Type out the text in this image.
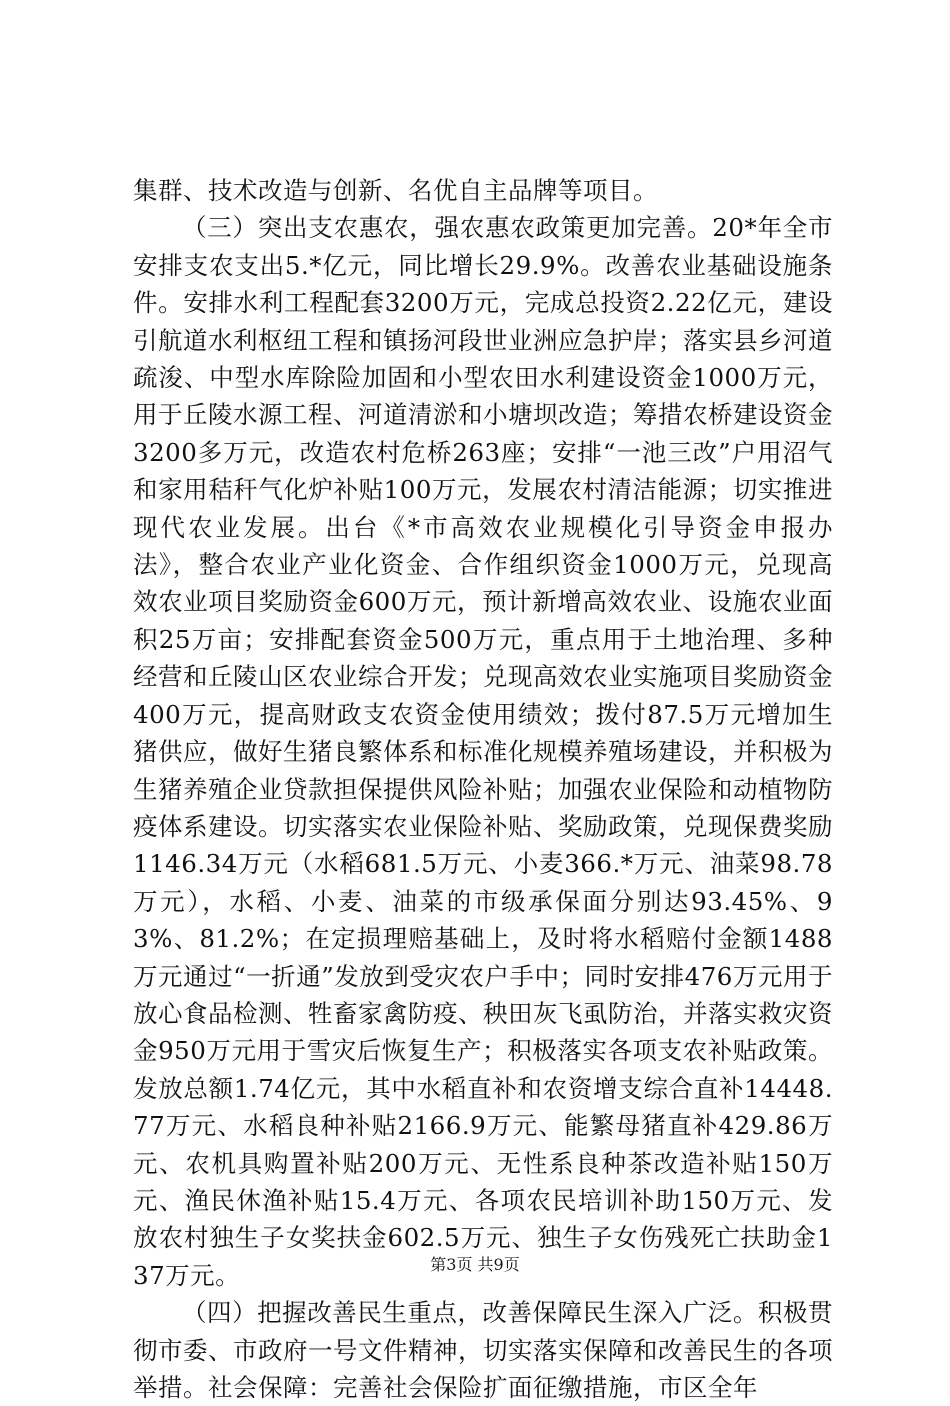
集群、技术改造与创新、名优自主品牌等项目。

（三）突出支农惠农，强农惠农政策更加完善。20*年全市安排支农支出5.*亿元，同比增长29.9%。改善农业基础设施条件。安排水利工程配套3200万元，完成总投资2.22亿元，建设引航道水利枢纽工程和镇扬河段世业洲应急护岸；落实县乡河道疏浚、中型水库除险加固和小型农田水利建设资金1000万元，用于丘陵水源工程、河道清淤和小塘坝改造；筹措农桥建设资金3200多万元，改造农村危桥263座；安排“一池三改”户用沼气和家用秸秆气化炉补贴100万元，发展农村清洁能源；切实推进现代农业发展。出台《*市高效农业规模化引导资金申报办法》，整合农业产业化资金、合作组织资金1000万元，兑现高效农业项目奖励资金600万元，预计新增高效农业、设施农业面积25万亩；安排配套资金500万元，重点用于土地治理、多种经营和丘陵山区农业综合开发；兑现高效农业实施项目奖励资金400万元，提高财政支农资金使用绩效；拨付87.5万元增加生猪供应，做好生猪良繁体系和标准化规模养殖场建设，并积极为生猪养殖企业贷款担保提供风险补贴；加强农业保险和动植物防疫体系建设。切实落实农业保险补贴、奖励政策，兑现保费奖励1146.34万元（水稻681.5万元、小麦366.*万元、油菜98.78万元），水稻、小麦、油菜的市级承保面分别达93.45%、93%、81.2%；在定损理赔基础上，及时将水稻赔付金额1488万元通过“一折通”发放到受灾农户手中；同时安排476万元用于放心食品检测、牲畜家禽防疫、秧田灰飞虱防治，并落实救灾资金950万元用于雪灾后恢复生产；积极落实各项支农补贴政策。发放总额1.74亿元，其中水稻直补和农资增支综合直补14448.77万元、水稻良种补贴2166.9万元、能繁母猪直补429.86万元、农机具购置补贴200万元、无性系良种茶改造补贴150万元、渔民休渔补贴15.4万元、各项农民培训补助150万元、发放农村独生子女奖扶金602.5万元、独生子女伤残死亡扶助金137万元。

（四）把握改善民生重点，改善保障民生深入广泛。积极贯彻市委、市政府一号文件精神，切实落实保障和改善民生的各项举措。社会保障：完善社会保险扩面征缴措施，市区全年

第3页 共9页
